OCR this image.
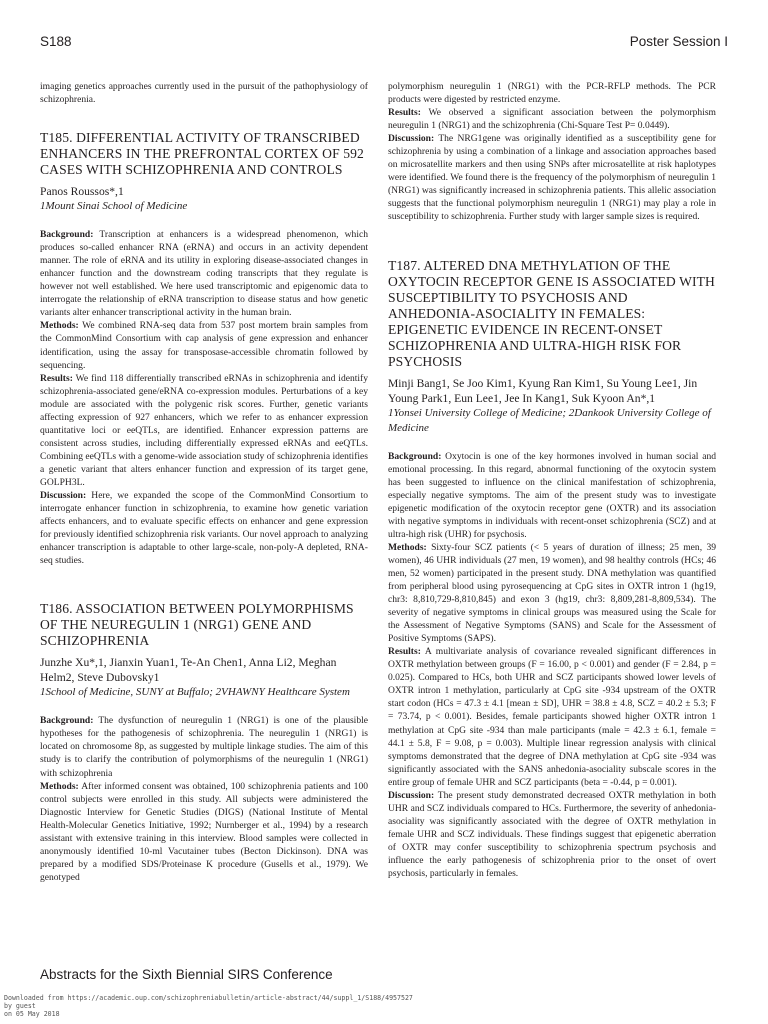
S188	Poster Session I

imaging genetics approaches currently used in the pursuit of the pathophysiology of schizophrenia.

T185. DIFFERENTIAL ACTIVITY OF TRANSCRIBED ENHANCERS IN THE PREFRONTAL CORTEX OF 592 CASES WITH SCHIZOPHRENIA AND CONTROLS

Panos Roussos*,1

1Mount Sinai School of Medicine

Background: Transcription at enhancers is a widespread phenomenon, which produces so-called enhancer RNA (eRNA) and occurs in an activity dependent manner. The role of eRNA and its utility in exploring disease-associated changes in enhancer function and the downstream coding transcripts that they regulate is however not well established. We here used transcriptomic and epigenomic data to interrogate the relationship of eRNA transcription to disease status and how genetic variants alter enhancer transcriptional activity in the human brain.

Methods: We combined RNA-seq data from 537 post mortem brain samples from the CommonMind Consortium with cap analysis of gene expression and enhancer identification, using the assay for transposase-accessible chromatin followed by sequencing.

Results: We find 118 differentially transcribed eRNAs in schizophrenia and identify schizophrenia-associated gene/eRNA co-expression modules. Perturbations of a key module are associated with the polygenic risk scores. Further, genetic variants affecting expression of 927 enhancers, which we refer to as enhancer expression quantitative loci or eeQTLs, are identified. Enhancer expression patterns are consistent across studies, including differentially expressed eRNAs and eeQTLs. Combining eeQTLs with a genome-wide association study of schizophrenia identifies a genetic variant that alters enhancer function and expression of its target gene, GOLPH3L.

Discussion: Here, we expanded the scope of the CommonMind Consortium to interrogate enhancer function in schizophrenia, to examine how genetic variation affects enhancers, and to evaluate specific effects on enhancer and gene expression for previously identified schizophrenia risk variants. Our novel approach to analyzing enhancer transcription is adaptable to other large-scale, non-poly-A depleted, RNA-seq studies.

T186. ASSOCIATION BETWEEN POLYMORPHISMS OF THE NEUREGULIN 1 (NRG1) GENE AND SCHIZOPHRENIA

Junzhe Xu*,1, Jianxin Yuan1, Te-An Chen1, Anna Li2, Meghan Helm2, Steve Dubovsky1

1School of Medicine, SUNY at Buffalo; 2VHAWNY Healthcare System

Background: The dysfunction of neuregulin 1 (NRG1) is one of the plausible hypotheses for the pathogenesis of schizophrenia. The neuregulin 1 (NRG1) is located on chromosome 8p, as suggested by multiple linkage studies. The aim of this study is to clarify the contribution of polymorphisms of the neuregulin 1 (NRG1) with schizophrenia

Methods: After informed consent was obtained, 100 schizophrenia patients and 100 control subjects were enrolled in this study. All subjects were administered the Diagnostic Interview for Genetic Studies (DIGS) (National Institute of Mental Health-Molecular Genetics Initiative, 1992; Nurnberger et al., 1994) by a research assistant with extensive training in this interview. Blood samples were collected in anonymously identified 10-ml Vacutainer tubes (Becton Dickinson). DNA was prepared by a modified SDS/Proteinase K procedure (Gusells et al., 1979). We genotyped

polymorphism neuregulin 1 (NRG1) with the PCR-RFLP methods. The PCR products were digested by restricted enzyme.

Results: We observed a significant association between the polymorphism neuregulin 1 (NRG1) and the schizophrenia (Chi-Square Test P= 0.0449).

Discussion: The NRG1gene was originally identified as a susceptibility gene for schizophrenia by using a combination of a linkage and association approaches based on microsatellite markers and then using SNPs after microsatellite at risk haplotypes were identified. We found there is the frequency of the polymorphism of neuregulin 1 (NRG1) was significantly increased in schizophrenia patients. This allelic association suggests that the functional polymorphism neuregulin 1 (NRG1) may play a role in susceptibility to schizophrenia. Further study with larger sample sizes is required.

T187. ALTERED DNA METHYLATION OF THE OXYTOCIN RECEPTOR GENE IS ASSOCIATED WITH SUSCEPTIBILITY TO PSYCHOSIS AND ANHEDONIA-ASOCIALITY IN FEMALES: EPIGENETIC EVIDENCE IN RECENT-ONSET SCHIZOPHRENIA AND ULTRA-HIGH RISK FOR PSYCHOSIS

Minji Bang1, Se Joo Kim1, Kyung Ran Kim1, Su Young Lee1, Jin Young Park1, Eun Lee1, Jee In Kang1, Suk Kyoon An*,1

1Yonsei University College of Medicine; 2Dankook University College of Medicine

Background: Oxytocin is one of the key hormones involved in human social and emotional processing. In this regard, abnormal functioning of the oxytocin system has been suggested to influence on the clinical manifestation of schizophrenia, especially negative symptoms. The aim of the present study was to investigate epigenetic modification of the oxytocin receptor gene (OXTR) and its association with negative symptoms in individuals with recent-onset schizophrenia (SCZ) and at ultra-high risk (UHR) for psychosis.

Methods: Sixty-four SCZ patients (< 5 years of duration of illness; 25 men, 39 women), 46 UHR individuals (27 men, 19 women), and 98 healthy controls (HCs; 46 men, 52 women) participated in the present study. DNA methylation was quantified from peripheral blood using pyrosequencing at CpG sites in OXTR intron 1 (hg19, chr3: 8,810,729-8,810,845) and exon 3 (hg19, chr3: 8,809,281-8,809,534). The severity of negative symptoms in clinical groups was measured using the Scale for the Assessment of Negative Symptoms (SANS) and Scale for the Assessment of Positive Symptoms (SAPS).

Results: A multivariate analysis of covariance revealed significant differences in OXTR methylation between groups (F = 16.00, p < 0.001) and gender (F = 2.84, p = 0.025). Compared to HCs, both UHR and SCZ participants showed lower levels of OXTR intron 1 methylation, particularly at CpG site -934 upstream of the OXTR start codon (HCs = 47.3 ± 4.1 [mean ± SD], UHR = 38.8 ± 4.8, SCZ = 40.2 ± 5.3; F = 73.74, p < 0.001). Besides, female participants showed higher OXTR intron 1 methylation at CpG site -934 than male participants (male = 42.3 ± 6.1, female = 44.1 ± 5.8, F = 9.08, p = 0.003). Multiple linear regression analysis with clinical symptoms demonstrated that the degree of DNA methylation at CpG site -934 was significantly associated with the SANS anhedonia-asociality subscale scores in the entire group of female UHR and SCZ participants (beta = -0.44, p = 0.001).

Discussion: The present study demonstrated decreased OXTR methylation in both UHR and SCZ individuals compared to HCs. Furthermore, the severity of anhedonia-asociality was significantly associated with the degree of OXTR methylation in female UHR and SCZ individuals. These findings suggest that epigenetic aberration of OXTR may confer susceptibility to schizophrenia spectrum psychosis and influence the early pathogenesis of schizophrenia prior to the onset of overt psychosis, particularly in females.

Abstracts for the Sixth Biennial SIRS Conference
Downloaded from https://academic.oup.com/schizophreniabulletin/article-abstract/44/suppl_1/S188/4957527
by guest
on 05 May 2018
